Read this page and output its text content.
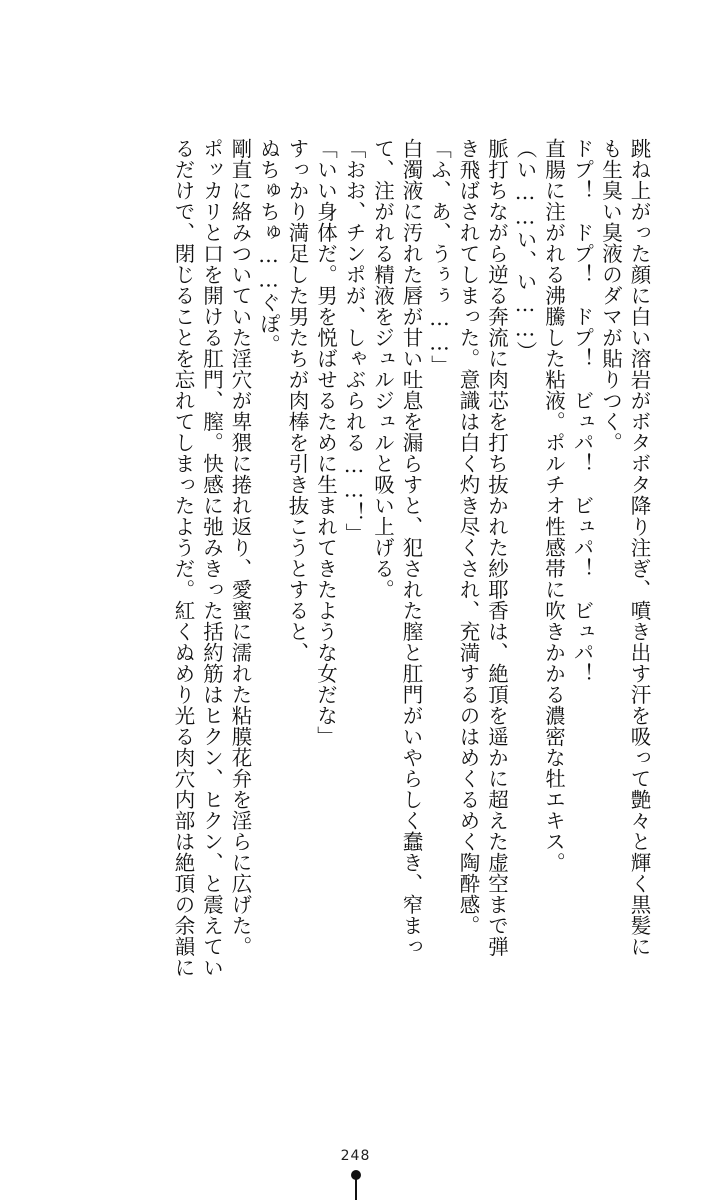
跳ね上がった顔に白い溶岩がボタボタ降り注ぎ、噴き出す汗を吸って艶々と輝く黒髪に
も生臭い臭液のダマが貼りつく。
ドプ！　ドプ！　ドプ！　ビュパ！　ビュパ！　ビュパ！
直腸に注がれる沸騰した粘液。ポルチオ性感帯に吹きかかる濃密な牡エキス。
（い……い、い……）
脈打ちながら逆る奔流に肉芯を打ち抜かれた紗耶香は、絶頂を遥かに超えた虚空まで弾
き飛ばされてしまった。意識は白く灼き尽くされ、充満するのはめくるめく陶酔感。
「ふ、あ、うぅぅ……」
白濁液に汚れた唇が甘い吐息を漏らすと、犯された膣と肛門がいやらしく蠢き、窄まっ
て、注がれる精液をジュルジュルと吸い上げる。
「おお、チンポが、しゃぶられる……！」
「いい身体だ。男を悦ばせるために生まれてきたような女だな」
すっかり満足した男たちが肉棒を引き抜こうとすると、
ぬちゅちゅ……ぐぽ。
剛直に絡みついていた淫穴が卑猥に捲れ返り、愛蜜に濡れた粘膜花弁を淫らに広げた。
ポッカリと口を開ける肛門、膣。快感に弛みきった括約筋はヒクン、ヒクン、と震えてい
るだけで、閉じることを忘れてしまったようだ。紅くぬめり光る肉穴内部は絶頂の余韻に
248
